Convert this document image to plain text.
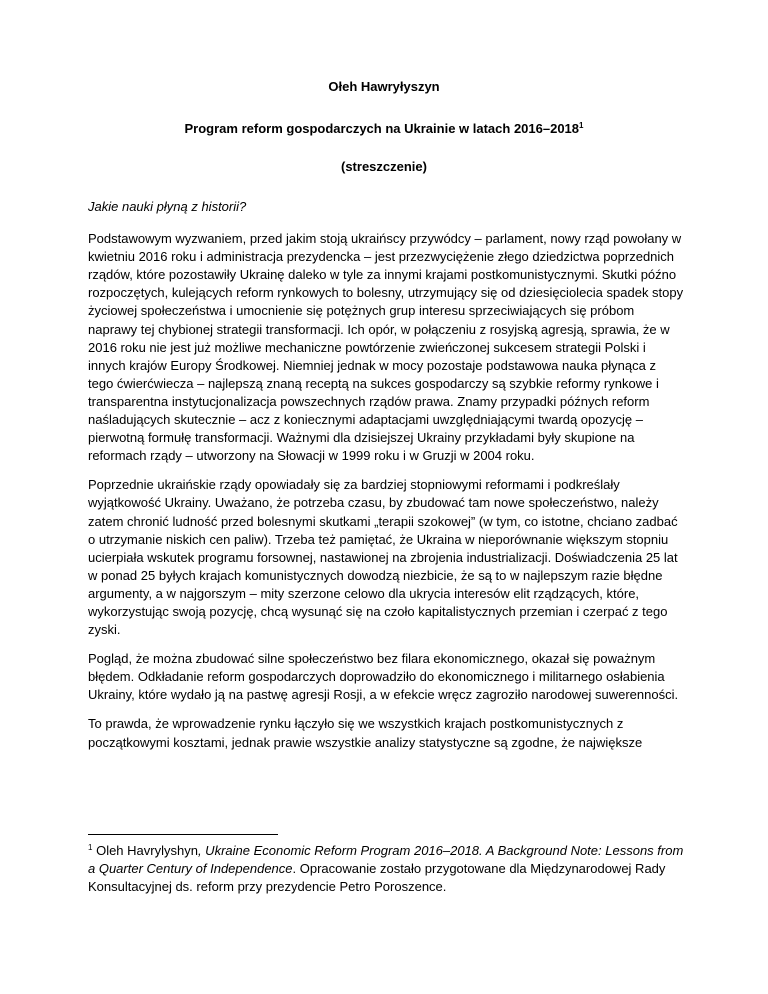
Ołeh Hawryłyszyn

Program reform gospodarczych na Ukrainie w latach 2016–2018$^1$

(streszczenie)

Jakie nauki płyną z historii?

Podstawowym wyzwaniem, przed jakim stoją ukraińscy przywódcy – parlament, nowy rząd powołany w kwietniu 2016 roku i administracja prezydencka – jest przezwyciężenie złego dziedzictwa poprzednich rządów, które pozostawiły Ukrainę daleko w tyle za innymi krajami postkomunistycznymi. Skutki późno rozpoczętych, kulejących reform rynkowych to bolesny, utrzymujący się od dziesięciolecia spadek stopy życiowej społeczeństwa i umocnienie się potężnych grup interesu sprzeciwiających się próbom naprawy tej chybionej strategii transformacji. Ich opór, w połączeniu z rosyjską agresją, sprawia, że w 2016 roku nie jest już możliwe mechaniczne powtórzenie zwieńczonej sukcesem strategii Polski i innych krajów Europy Środkowej. Niemniej jednak w mocy pozostaje podstawowa nauka płynąca z tego ćwierćwiecza – najlepszą znaną receptą na sukces gospodarczy są szybkie reformy rynkowe i transparentna instytucjonalizacja powszechnych rządów prawa. Znamy przypadki późnych reform naśladujących skutecznie – acz z koniecznymi adaptacjami uwzględniającymi twardą opozycję – pierwotną formułę transformacji. Ważnymi dla dzisiejszej Ukrainy przykładami były skupione na reformach rządy – utworzony na Słowacji w 1999 roku i w Gruzji w 2004 roku.

Poprzednie ukraińskie rządy opowiadały się za bardziej stopniowymi reformami i podkreślały wyjątkowość Ukrainy. Uważano, że potrzeba czasu, by zbudować tam nowe społeczeństwo, należy zatem chronić ludność przed bolesnymi skutkami „terapii szokowej” (w tym, co istotne, chciano zadbać o utrzymanie niskich cen paliw). Trzeba też pamiętać, że Ukraina w nieporównanie większym stopniu ucierpiała wskutek programu forsownej, nastawionej na zbrojenia industrializacji. Doświadczenia 25 lat w ponad 25 byłych krajach komunistycznych dowodzą niezbicie, że są to w najlepszym razie błędne argumenty, a w najgorszym – mity szerzone celowo dla ukrycia interesów elit rządzących, które, wykorzystując swoją pozycję, chcą wysunąć się na czoło kapitalistycznych przemian i czerpać z tego zyski.

Pogląd, że można zbudować silne społeczeństwo bez filara ekonomicznego, okazał się poważnym błędem. Odkładanie reform gospodarczych doprowadziło do ekonomicznego i militarnego osłabienia Ukrainy, które wydało ją na pastwę agresji Rosji, a w efekcie wręcz zagroziło narodowej suwerenności.

To prawda, że wprowadzenie rynku łączyło się we wszystkich krajach postkomunistycznych z początkowymi kosztami, jednak prawie wszystkie analizy statystyczne są zgodne, że największe

$^1$ Oleh Havrylyshyn, Ukraine Economic Reform Program 2016–2018. A Background Note: Lessons from a Quarter Century of Independence. Opracowanie zostało przygotowane dla Międzynarodowej Rady Konsultacyjnej ds. reform przy prezydencie Petro Poroszence.
